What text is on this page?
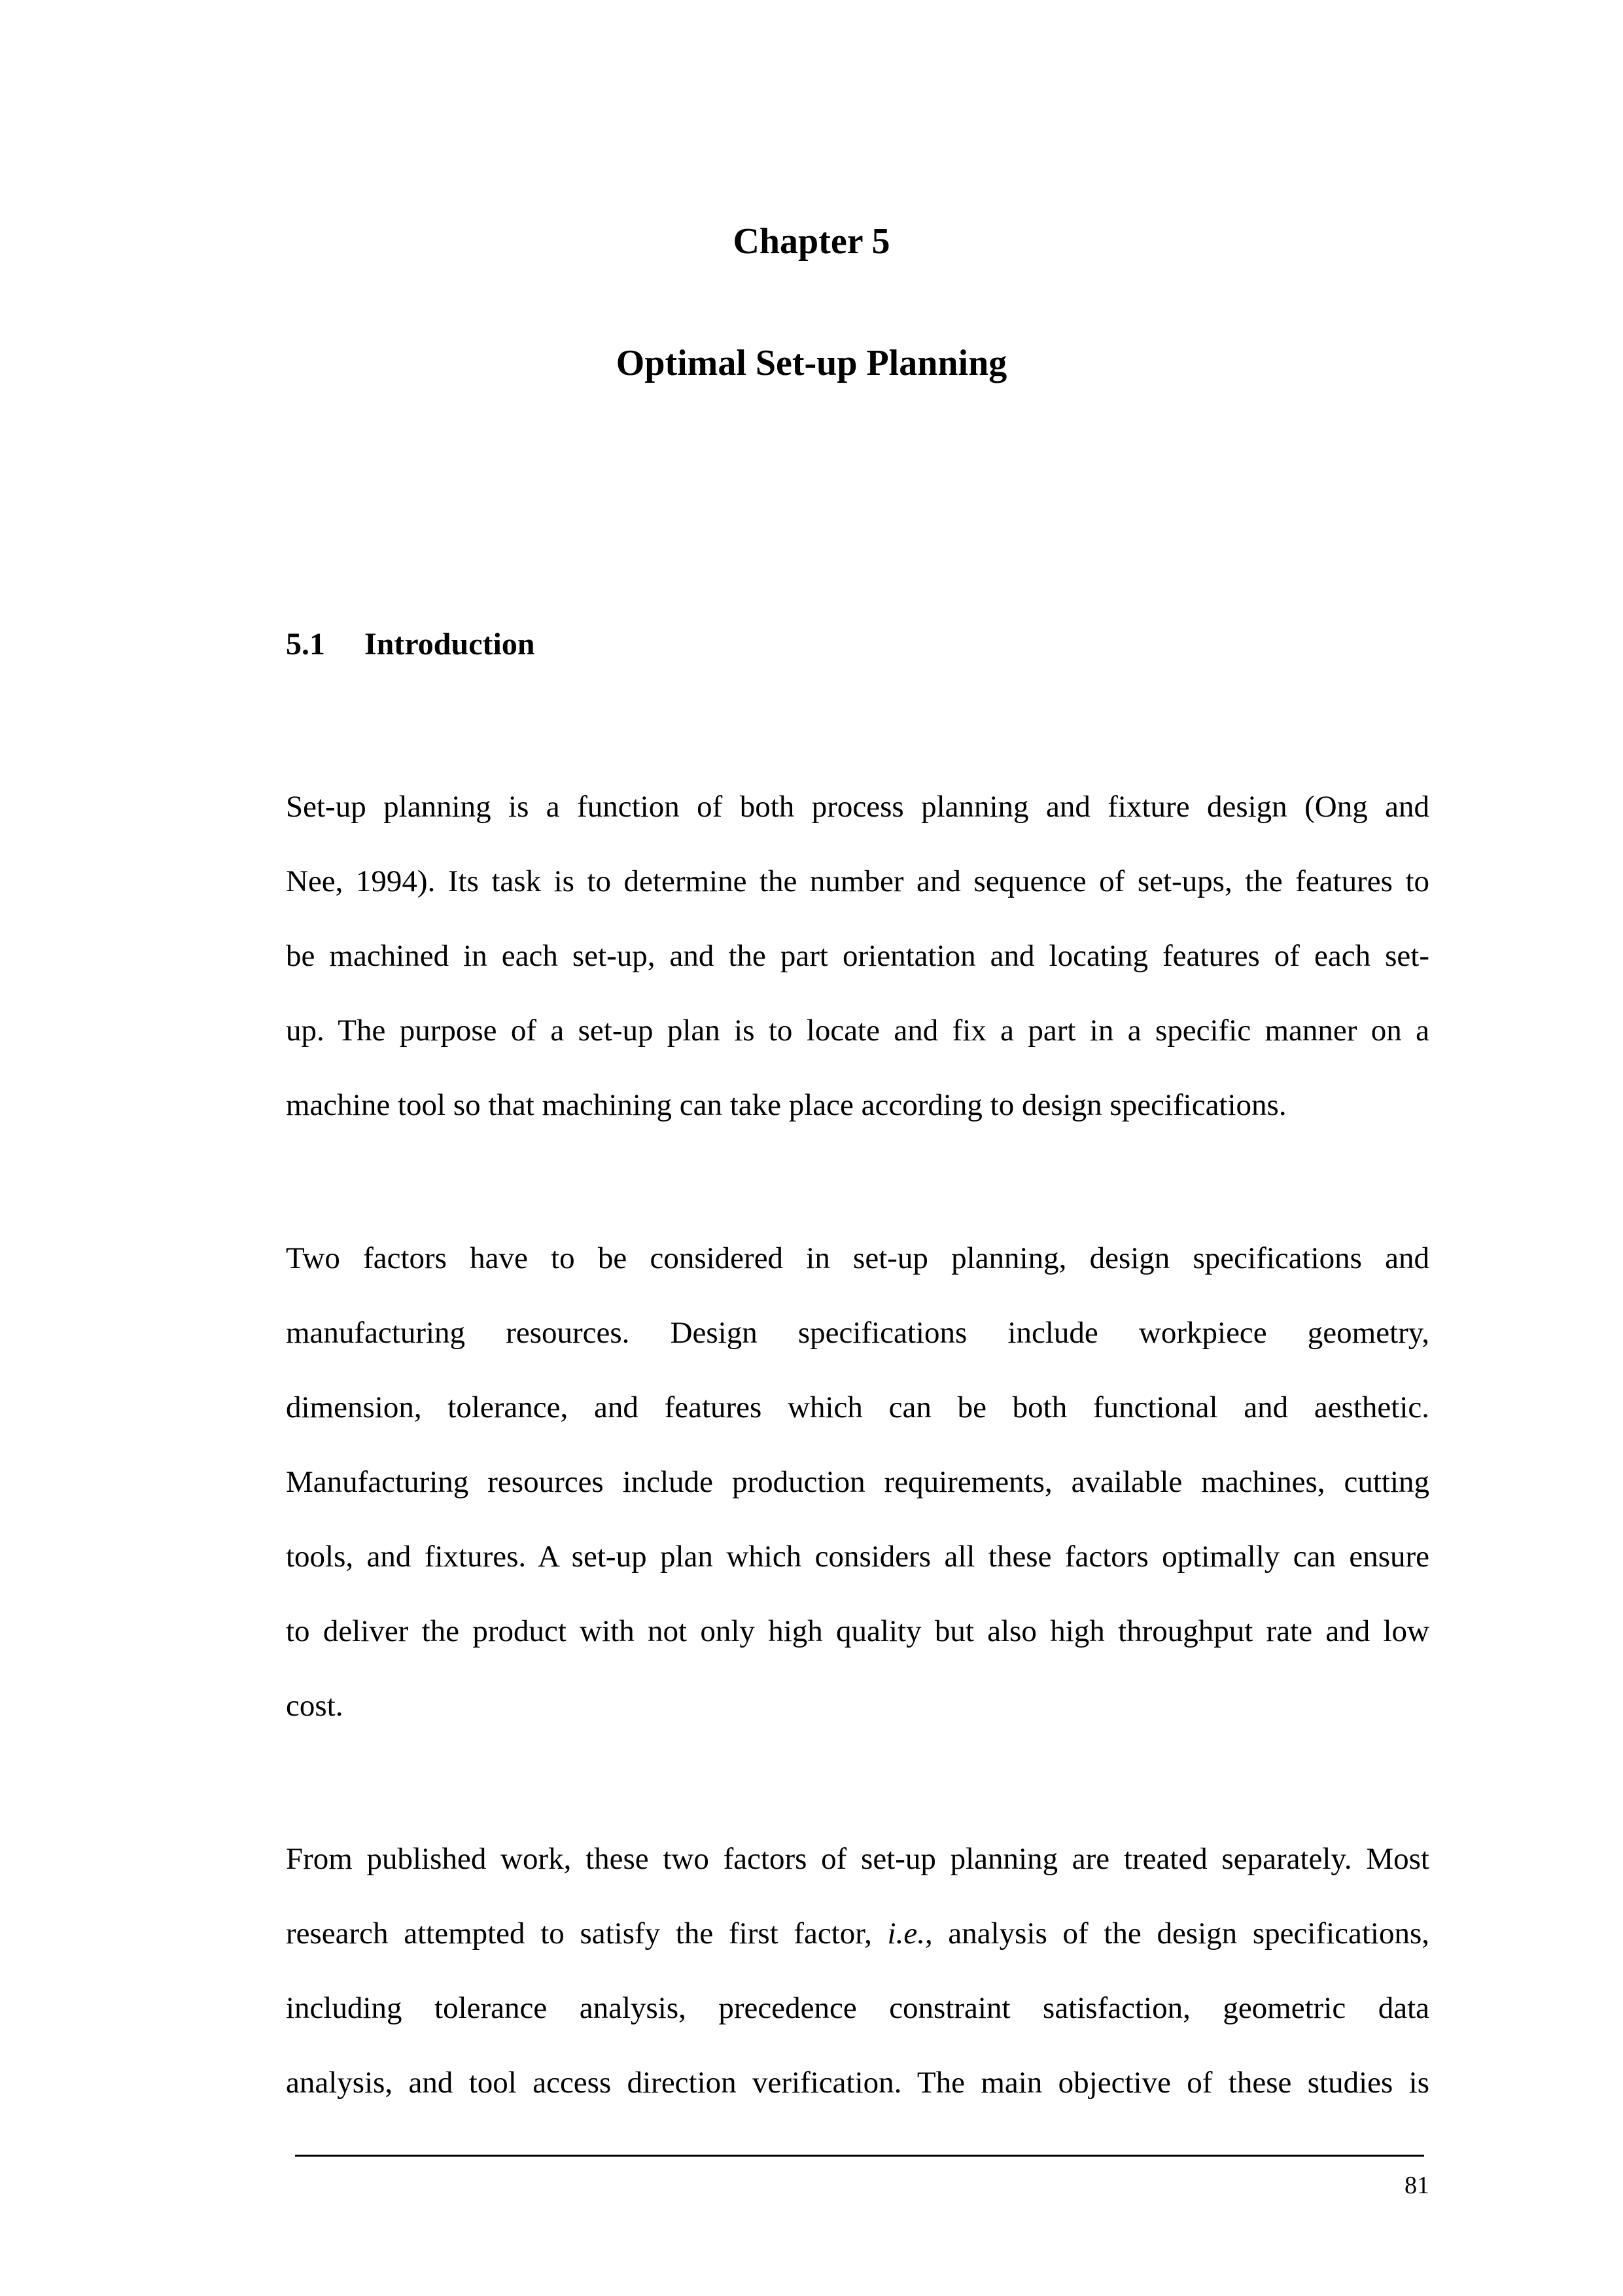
Chapter 5
Optimal Set-up Planning
5.1 Introduction
Set-up planning is a function of both process planning and fixture design (Ong and
Nee, 1994). Its task is to determine the number and sequence of set-ups, the features to
be machined in each set-up, and the part orientation and locating features of each set-
up. The purpose of a set-up plan is to locate and fix a part in a specific manner on a
machine tool so that machining can take place according to design specifications.
Two factors have to be considered in set-up planning, design specifications and
manufacturing resources. Design specifications include workpiece geometry,
dimension, tolerance, and features which can be both functional and aesthetic.
Manufacturing resources include production requirements, available machines, cutting
tools, and fixtures. A set-up plan which considers all these factors optimally can ensure
to deliver the product with not only high quality but also high throughput rate and low
cost.
From published work, these two factors of set-up planning are treated separately. Most
research attempted to satisfy the first factor, i.e., analysis of the design specifications,
including tolerance analysis, precedence constraint satisfaction, geometric data
analysis, and tool access direction verification. The main objective of these studies is
81
